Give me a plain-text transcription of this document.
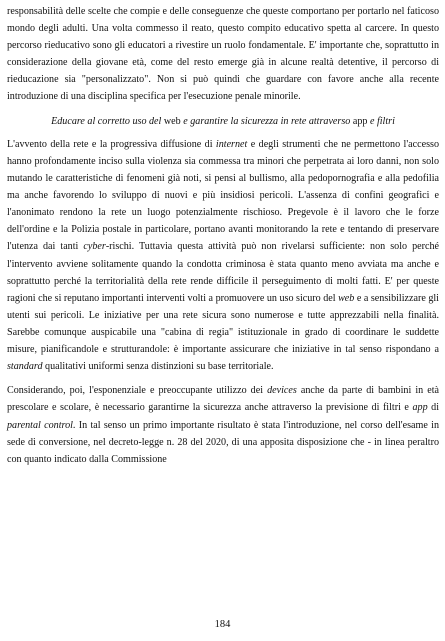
responsabilità delle scelte che compie e delle conseguenze che queste comportano per portarlo nel faticoso mondo degli adulti. Una volta commesso il reato, questo compito educativo spetta al carcere. In questo percorso rieducativo sono gli educatori a rivestire un ruolo fondamentale. E' importante che, soprattutto in considerazione della giovane età, come del resto emerge già in alcune realtà detentive, il percorso di rieducazione sia "personalizzato". Non si può quindi che guardare con favore anche alla recente introduzione di una disciplina specifica per l'esecuzione penale minorile.

Educare al corretto uso del web e garantire la sicurezza in rete attraverso app e filtri

L'avvento della rete e la progressiva diffusione di internet e degli strumenti che ne permettono l'accesso hanno profondamente inciso sulla violenza sia commessa tra minori che perpetrata ai loro danni, non solo mutando le caratteristiche di fenomeni già noti, si pensi al bullismo, alla pedopornografia e alla pedofilia ma anche favorendo lo sviluppo di nuovi e più insidiosi pericoli. L'assenza di confini geografici e l'anonimato rendono la rete un luogo potenzialmente rischioso. Pregevole è il lavoro che le forze dell'ordine e la Polizia postale in particolare, portano avanti monitorando la rete e tentando di preservare l'utenza dai tanti cyber-rischi. Tuttavia questa attività può non rivelarsi sufficiente: non solo perché l'intervento avviene solitamente quando la condotta criminosa è stata quanto meno avviata ma anche e soprattutto perché la territorialità della rete rende difficile il perseguimento di molti fatti. E' per queste ragioni che si reputano importanti interventi volti a promuovere un uso sicuro del web e a sensibilizzare gli utenti sui pericoli. Le iniziative per una rete sicura sono numerose e tutte apprezzabili nella finalità. Sarebbe comunque auspicabile una "cabina di regia" istituzionale in grado di coordinare le suddette misure, pianificandole e strutturandole: è importante assicurare che iniziative in tal senso rispondano a standard qualitativi uniformi senza distinzioni su base territoriale.

Considerando, poi, l'esponenziale e preoccupante utilizzo dei devices anche da parte di bambini in età prescolare e scolare, è necessario garantirne la sicurezza anche attraverso la previsione di filtri e app di parental control. In tal senso un primo importante risultato è stata l'introduzione, nel corso dell'esame in sede di conversione, nel decreto-legge n. 28 del 2020, di una apposita disposizione che - in linea peraltro con quanto indicato dalla Commissione

184
